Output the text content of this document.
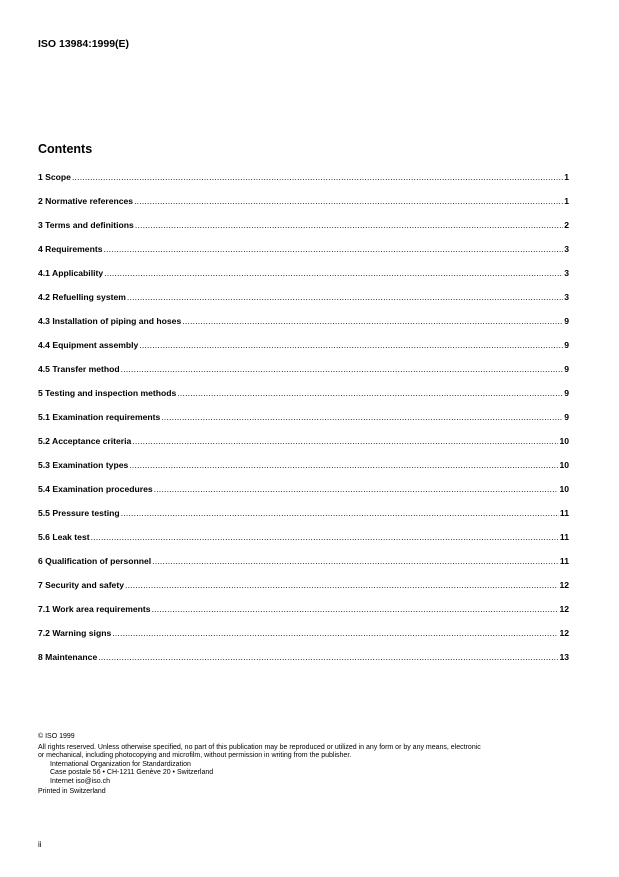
ISO 13984:1999(E)
Contents
1 Scope .....	1
2 Normative references .....	1
3 Terms and definitions .....	2
4 Requirements .....	3
4.1 Applicability .....	3
4.2 Refuelling system .....	3
4.3 Installation of piping and hoses .....	9
4.4 Equipment assembly .....	9
4.5 Transfer method .....	9
5 Testing and inspection methods .....	9
5.1 Examination requirements .....	9
5.2 Acceptance criteria .....	10
5.3 Examination types .....	10
5.4 Examination procedures .....	10
5.5 Pressure testing .....	11
5.6 Leak test .....	11
6 Qualification of personnel .....	11
7 Security and safety .....	12
7.1 Work area requirements .....	12
7.2 Warning signs .....	12
8 Maintenance .....	13
© ISO 1999
All rights reserved. Unless otherwise specified, no part of this publication may be reproduced or utilized in any form or by any means, electronic
or mechanical, including photocopying and microfilm, without permission in writing from the publisher.
International Organization for Standardization
Case postale 56 • CH-1211 Genève 20 • Switzerland
Internet iso@iso.ch
Printed in Switzerland
ii
